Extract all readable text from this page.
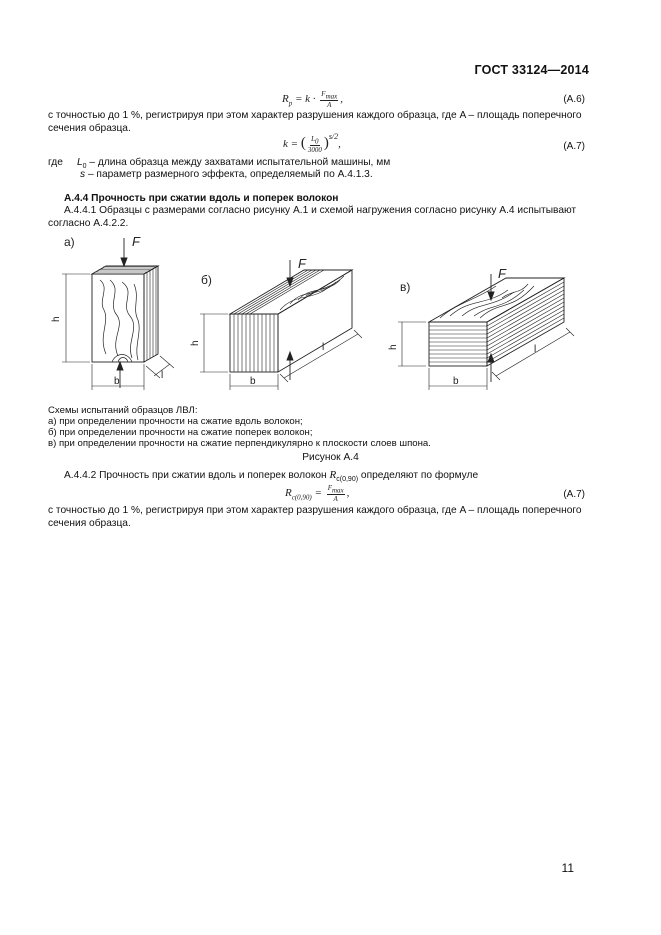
ГОСТ 33124—2014
$R_р = k \cdot \frac{F_{max}}{A}$ ,	(А.6)
с точностью до 1 %, регистрируя при этом характер разрушения каждого образца, где A – площадь поперечного сечения образца.
k = ( $\frac{L_0}{3000} )^{s/2}$,	(А.7)
где $L_0$ – длина образца между захватами испытательной машины, мм
s – параметр размерного эффекта, определяемый по А.4.1.3.
А.4.4 Прочность при сжатии вдоль и поперек волокон
А.4.4.1 Образцы с размерами согласно рисунку А.1 и схемой нагружения согласно рисунку А.4 испытывают согласно А.4.2.2.
а)	F
h
b
l
б)
F
h
b
l
в)
F
h
b
l
Схемы испытаний образцов ЛВЛ:
а) при определении прочности на сжатие вдоль волокон;
б) при определении прочности на сжатие поперек волокон;
в) при определении прочности на сжатие перпендикулярно к плоскости слоев шпона.
Рисунок А.4
А.4.4.2 Прочность при сжатии вдоль и поперек волокон $R_{c(0,90)}$ определяют по формуле
$R_{c(0,90)} = \frac{F_{max}}{A}$ ,	(А.7)
с точностью до 1 %, регистрируя при этом характер разрушения каждого образца, где A – площадь поперечного сечения образца.
11
